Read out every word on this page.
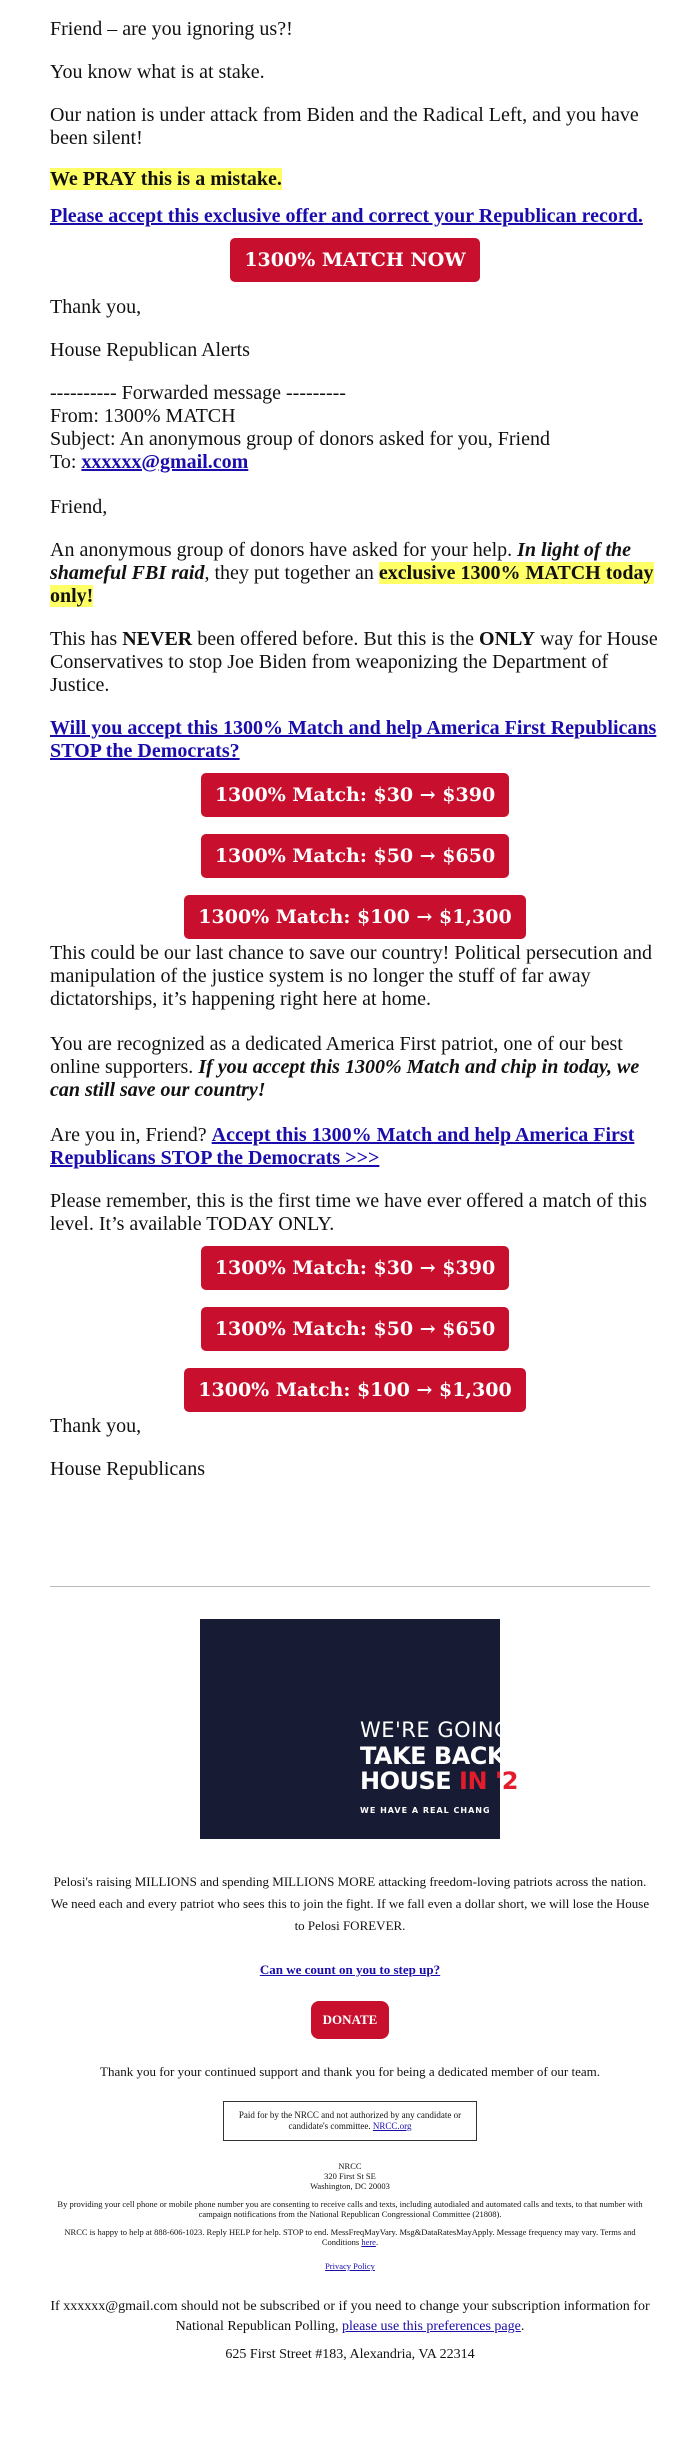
Friend – are you ignoring us?!

You know what is at stake.

Our nation is under attack from Biden and the Radical Left, and you have been silent!

We PRAY this is a mistake.

Please accept this exclusive offer and correct your Republican record.

1300% MATCH NOW

Thank you,

House Republican Alerts

---------- Forwarded message ---------
From: 1300% MATCH
Subject: An anonymous group of donors asked for you, Friend
To: xxxxxx@gmail.com

Friend,

An anonymous group of donors have asked for your help. In light of the shameful FBI raid, they put together an exclusive 1300% MATCH today only!

This has NEVER been offered before. But this is the ONLY way for House Conservatives to stop Joe Biden from weaponizing the Department of Justice.

Will you accept this 1300% Match and help America First Republicans STOP the Democrats?

1300% Match: $30 → $390
1300% Match: $50 → $650
1300% Match: $100 → $1,300

This could be our last chance to save our country! Political persecution and manipulation of the justice system is no longer the stuff of far away dictatorships, it’s happening right here at home.

You are recognized as a dedicated America First patriot, one of our best online supporters. If you accept this 1300% Match and chip in today, we can still save our country!

Are you in, Friend? Accept this 1300% Match and help America First Republicans STOP the Democrats >>>

Please remember, this is the first time we have ever offered a match of this level. It’s available TODAY ONLY.

1300% Match: $30 → $390
1300% Match: $50 → $650
1300% Match: $100 → $1,300

Thank you,

House Republicans

WE'RE GOING T
TAKE BACK TH
HOUSE IN '2
WE HAVE A REAL CHANG
Pelosi's raising MILLIONS and spending MILLIONS MORE attacking freedom-loving patriots across the nation. We need each and every patriot who sees this to join the fight. If we fall even a dollar short, we will lose the House to Pelosi FOREVER.
Can we count on you to step up?
DONATE
Thank you for your continued support and thank you for being a dedicated member of our team.
Paid for by the NRCC and not authorized by any candidate or candidate's committee. NRCC.org
NRCC
320 First St SE
Washington, DC 20003
By providing your cell phone or mobile phone number you are consenting to receive calls and texts, including autodialed and automated calls and texts, to that number with campaign notifications from the National Republican Congressional Committee (21808).
NRCC is happy to help at 888-606-1023. Reply HELP for help. STOP to end. MessFreqMayVary. Msg&DataRatesMayApply. Message frequency may vary. Terms and Conditions here.
Privacy Policy
If xxxxxx@gmail.com should not be subscribed or if you need to change your subscription information for National Republican Polling, please use this preferences page.
625 First Street #183, Alexandria, VA 22314
